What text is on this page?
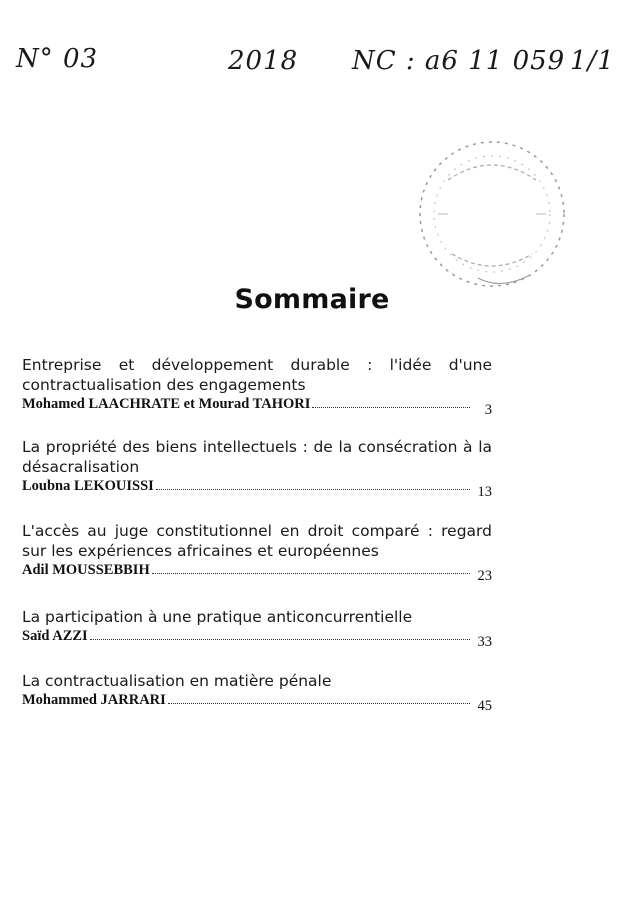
N° 03	2018 NC : a6 11 059 1/1
Sommaire
Entreprise et développement durable : l'idée d'une contractualisation des engagements
Mohamed LAACHRATE et Mourad TAHORI	3
La propriété des biens intellectuels : de la consécration à la désacralisation
Loubna LEKOUISSI	13
L'accès au juge constitutionnel en droit comparé : regard sur les expériences africaines et européennes
Adil MOUSSEBBIH	23
La participation à une pratique anticoncurrentielle
Saïd AZZI	33
La contractualisation en matière pénale
Mohammed JARRARI	45
